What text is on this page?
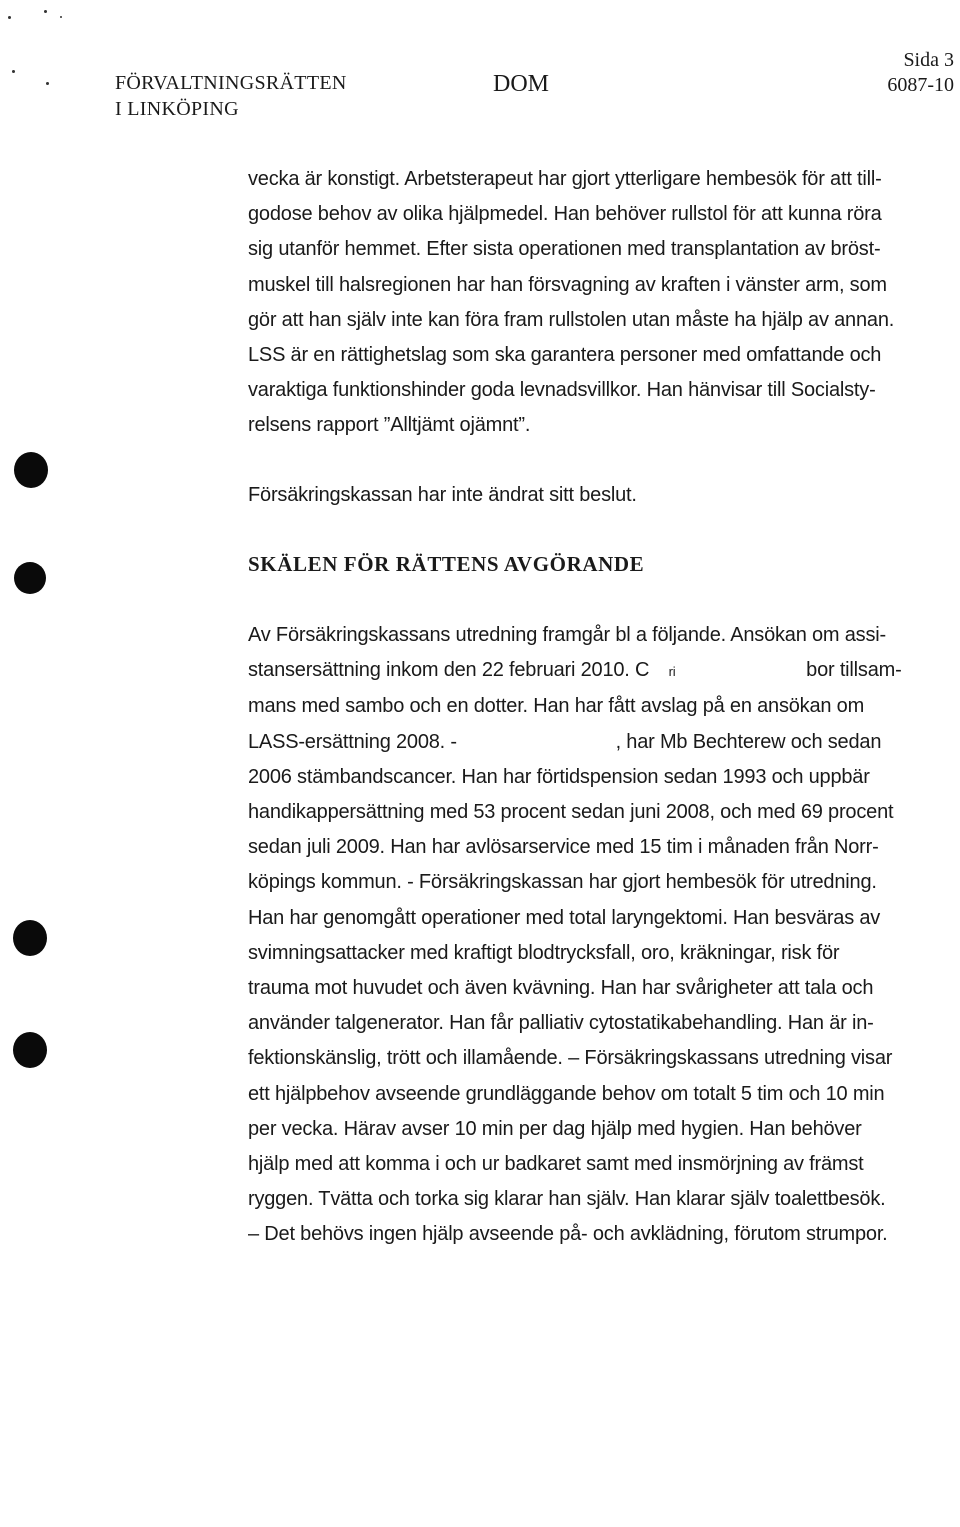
FÖRVALTNINGSRÄTTEN
I LINKÖPING
DOM
Sida 3
6087-10
vecka är konstigt. Arbetsterapeut har gjort ytterligare hembesök för att till-
godose behov av olika hjälpmedel. Han behöver rullstol för att kunna röra
sig utanför hemmet. Efter sista operationen med transplantation av bröst-
muskel till halsregionen har han försvagning av kraften i vänster arm, som
gör att han själv inte kan föra fram rullstolen utan måste ha hjälp av annan.
LSS är en rättighetslag som ska garantera personer med omfattande och
varaktiga funktionshinder goda levnadsvillkor. Han hänvisar till Socialsty-
relsens rapport ”Alltjämt ojämnt”.
Försäkringskassan har inte ändrat sitt beslut.
SKÄLEN FÖR RÄTTENS AVGÖRANDE
Av Försäkringskassans utredning framgår bl a följande. Ansökan om assi-
stansersättning inkom den 22 februari 2010. C ri	bor tillsam-
mans med sambo och en dotter. Han har fått avslag på en ansökan om
LASS-ersättning 2008. -	, har Mb Bechterew och sedan
2006 stämbandscancer. Han har förtidspension sedan 1993 och uppbär
handikappersättning med 53 procent sedan juni 2008, och med 69 procent
sedan juli 2009. Han har avlösarservice med 15 tim i månaden från Norr-
köpings kommun. - Försäkringskassan har gjort hembesök för utredning.
Han har genomgått operationer med total laryngektomi. Han besväras av
svimningsattacker med kraftigt blodtrycksfall, oro, kräkningar, risk för
trauma mot huvudet och även kvävning. Han har svårigheter att tala och
använder talgenerator. Han får palliativ cytostatikabehandling. Han är in-
fektionskänslig, trött och illamående. – Försäkringskassans utredning visar
ett hjälpbehov avseende grundläggande behov om totalt 5 tim och 10 min
per vecka. Härav avser 10 min per dag hjälp med hygien. Han behöver
hjälp med att komma i och ur badkaret samt med insmörjning av främst
ryggen. Tvätta och torka sig klarar han själv. Han klarar själv toalettbesök.
– Det behövs ingen hjälp avseende på- och avklädning, förutom strumpor.
